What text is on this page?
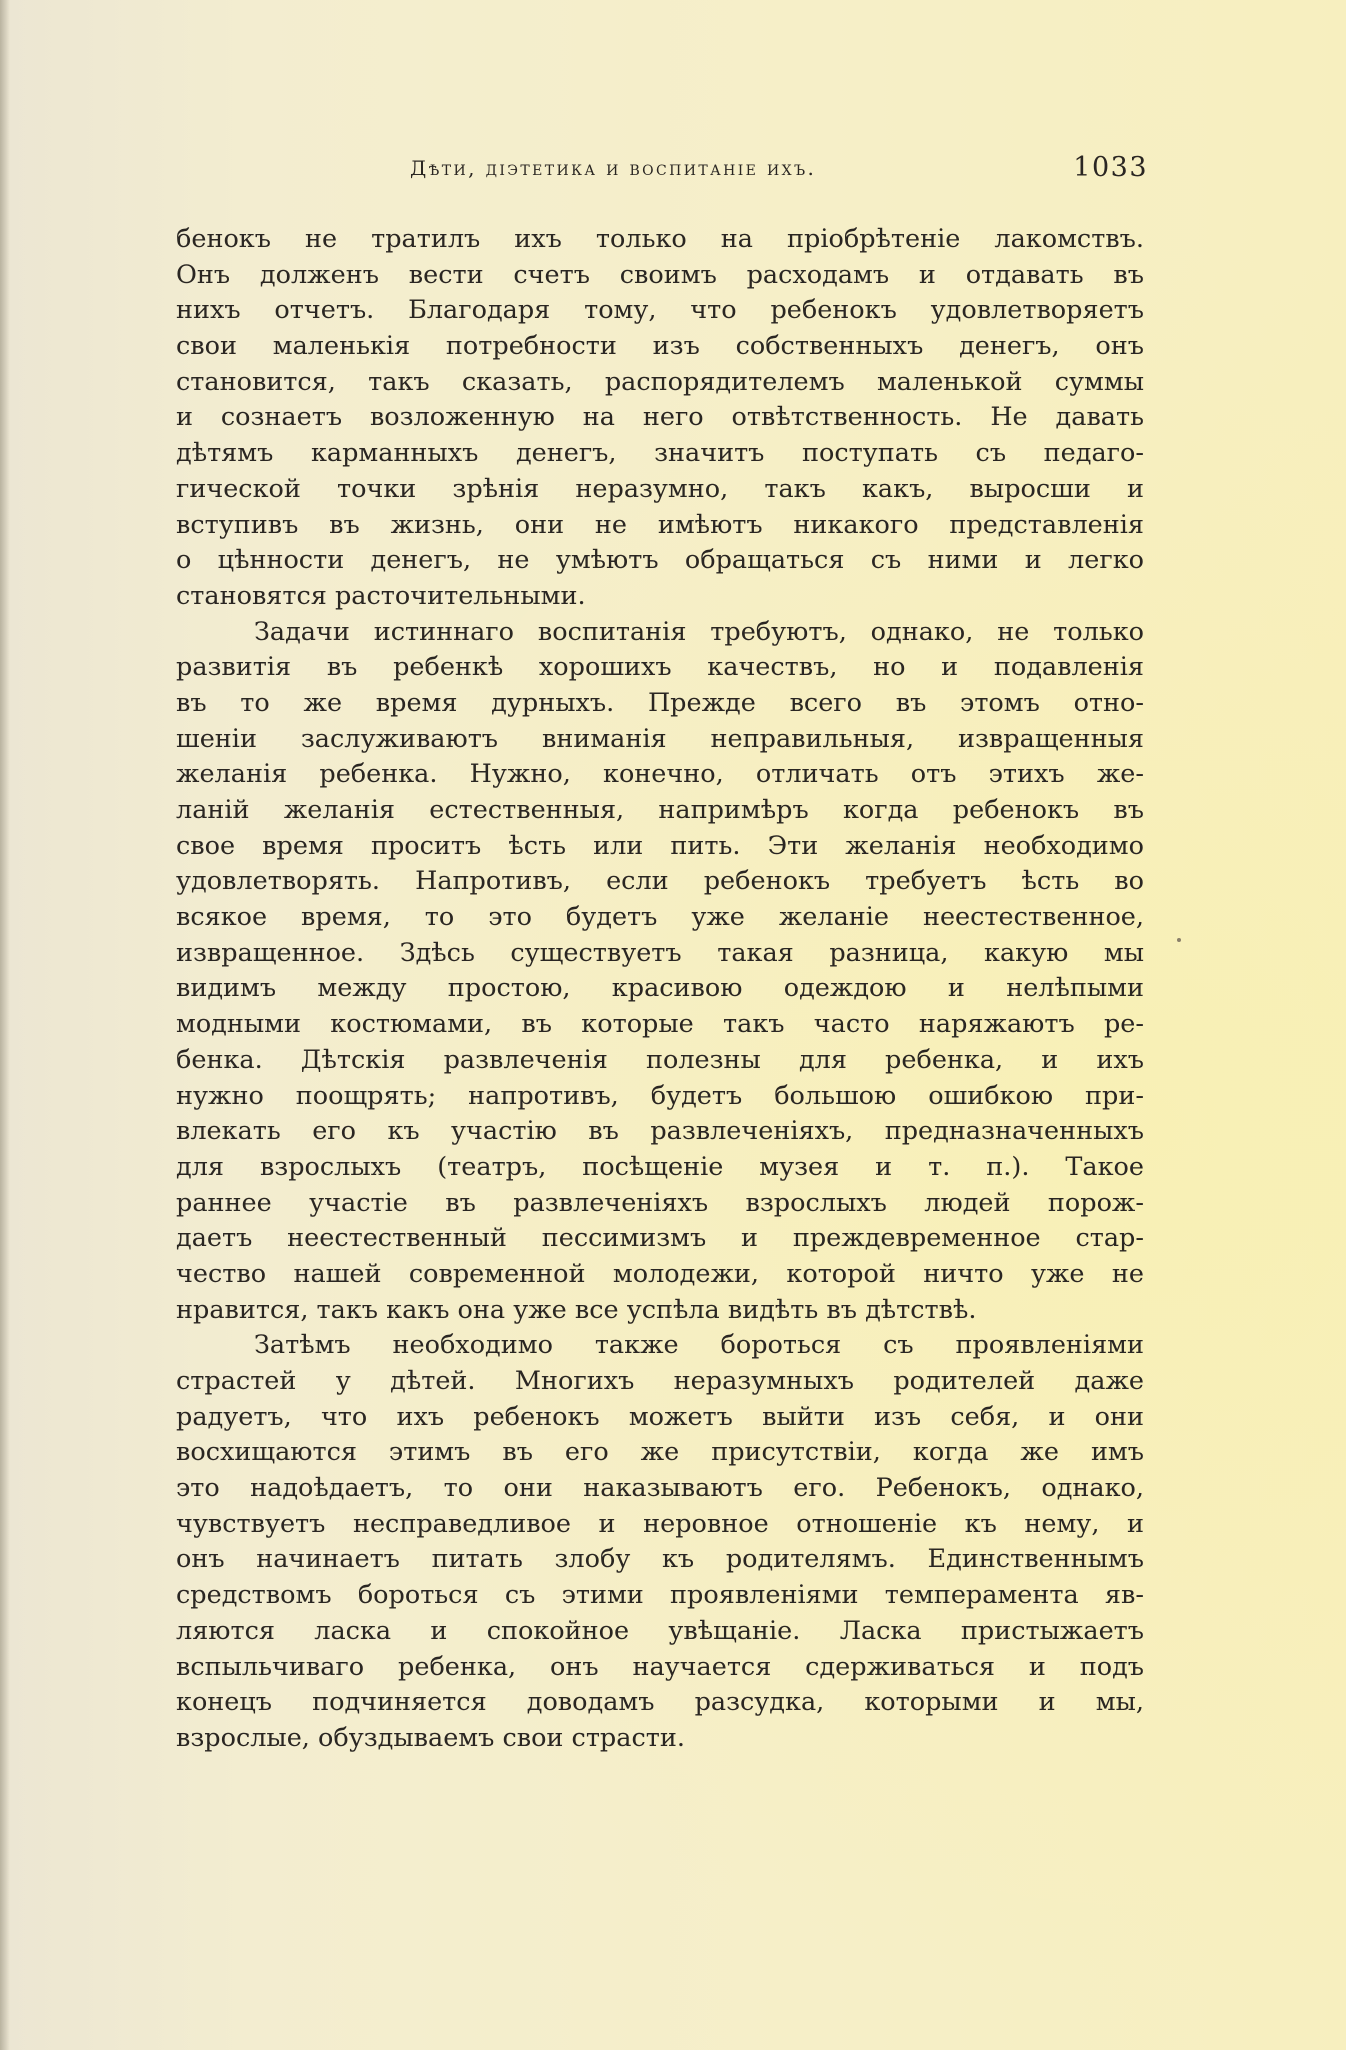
Дѣти, діэтетика и воспитаніе ихъ.	1033
бенокъ не тратилъ ихъ только на пріобрѣтеніе лакомствъ.
Онъ долженъ вести счетъ своимъ расходамъ и отдавать въ
нихъ отчетъ. Благодаря тому, что ребенокъ удовлетворяетъ
свои маленькія потребности изъ собственныхъ денегъ, онъ
становится, такъ сказать, распорядителемъ маленькой суммы
и сознаетъ возложенную на него отвѣтственность. Не давать
дѣтямъ карманныхъ денегъ, значитъ поступать съ педаго-
гической точки зрѣнія неразумно, такъ какъ, выросши и
вступивъ въ жизнь, они не имѣютъ никакого представленія
о цѣнности денегъ, не умѣютъ обращаться съ ними и легко
становятся расточительными.
Задачи истиннаго воспитанія требуютъ, однако, не только
развитія въ ребенкѣ хорошихъ качествъ, но и подавленія
въ то же время дурныхъ. Прежде всего въ этомъ отно-
шеніи заслуживаютъ вниманія неправильныя, извращенныя
желанія ребенка. Нужно, конечно, отличать отъ этихъ же-
ланій желанія естественныя, напримѣръ когда ребенокъ въ
свое время проситъ ѣсть или пить. Эти желанія необходимо
удовлетворять. Напротивъ, если ребенокъ требуетъ ѣсть во
всякое время, то это будетъ уже желаніе неестественное,
извращенное. Здѣсь существуетъ такая разница, какую мы
видимъ между простою, красивою одеждою и нелѣпыми
модными костюмами, въ которые такъ часто наряжаютъ ре-
бенка. Дѣтскія развлеченія полезны для ребенка, и ихъ
нужно поощрять; напротивъ, будетъ большою ошибкою при-
влекать его къ участію въ развлеченіяхъ, предназначенныхъ
для взрослыхъ (театръ, посѣщеніе музея и т. п.). Такое
раннее участіе въ развлеченіяхъ взрослыхъ людей порож-
даетъ неестественный пессимизмъ и преждевременное стар-
чество нашей современной молодежи, которой ничто уже не
нравится, такъ какъ она уже все успѣла видѣть въ дѣтствѣ.
Затѣмъ необходимо также бороться съ проявленіями
страстей у дѣтей. Многихъ неразумныхъ родителей даже
радуетъ, что ихъ ребенокъ можетъ выйти изъ себя, и они
восхищаются этимъ въ его же присутствіи, когда же имъ
это надоѣдаетъ, то они наказываютъ его. Ребенокъ, однако,
чувствуетъ несправедливое и неровное отношеніе къ нему, и
онъ начинаетъ питать злобу къ родителямъ. Единственнымъ
средствомъ бороться съ этими проявленіями темперамента яв-
ляются ласка и спокойное увѣщаніе. Ласка пристыжаетъ
вспыльчиваго ребенка, онъ научается сдерживаться и подъ
конецъ подчиняется доводамъ разсудка, которыми и мы,
взрослые, обуздываемъ свои страсти.
